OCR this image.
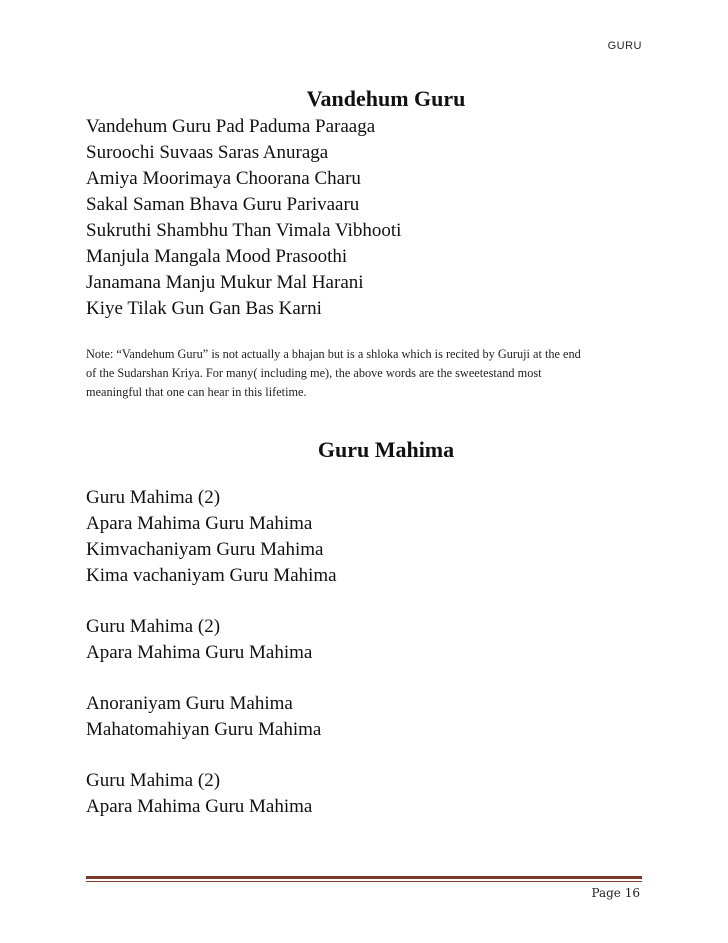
GURU
Vandehum Guru
Vandehum Guru Pad Paduma Paraaga
Suroochi Suvaas Saras Anuraga
Amiya Moorimaya Choorana Charu
Sakal Saman Bhava Guru Parivaaru
Sukruthi Shambhu Than Vimala Vibhooti
Manjula Mangala Mood Prasoothi
Janamana Manju Mukur Mal Harani
Kiye Tilak Gun Gan Bas Karni
Note: “Vandehum Guru” is not actually a bhajan but is a shloka which is recited by Guruji at the end
of the Sudarshan Kriya. For many( including me), the above words are the sweetestand most
meaningful that one can hear in this lifetime.
Guru Mahima
Guru Mahima (2)
Apara Mahima Guru Mahima
Kimvachaniyam Guru Mahima
Kima vachaniyam Guru Mahima
Guru Mahima (2)
Apara Mahima Guru Mahima
Anoraniyam Guru Mahima
Mahatomahiyan Guru Mahima
Guru Mahima (2)
Apara Mahima Guru Mahima
Page 16
